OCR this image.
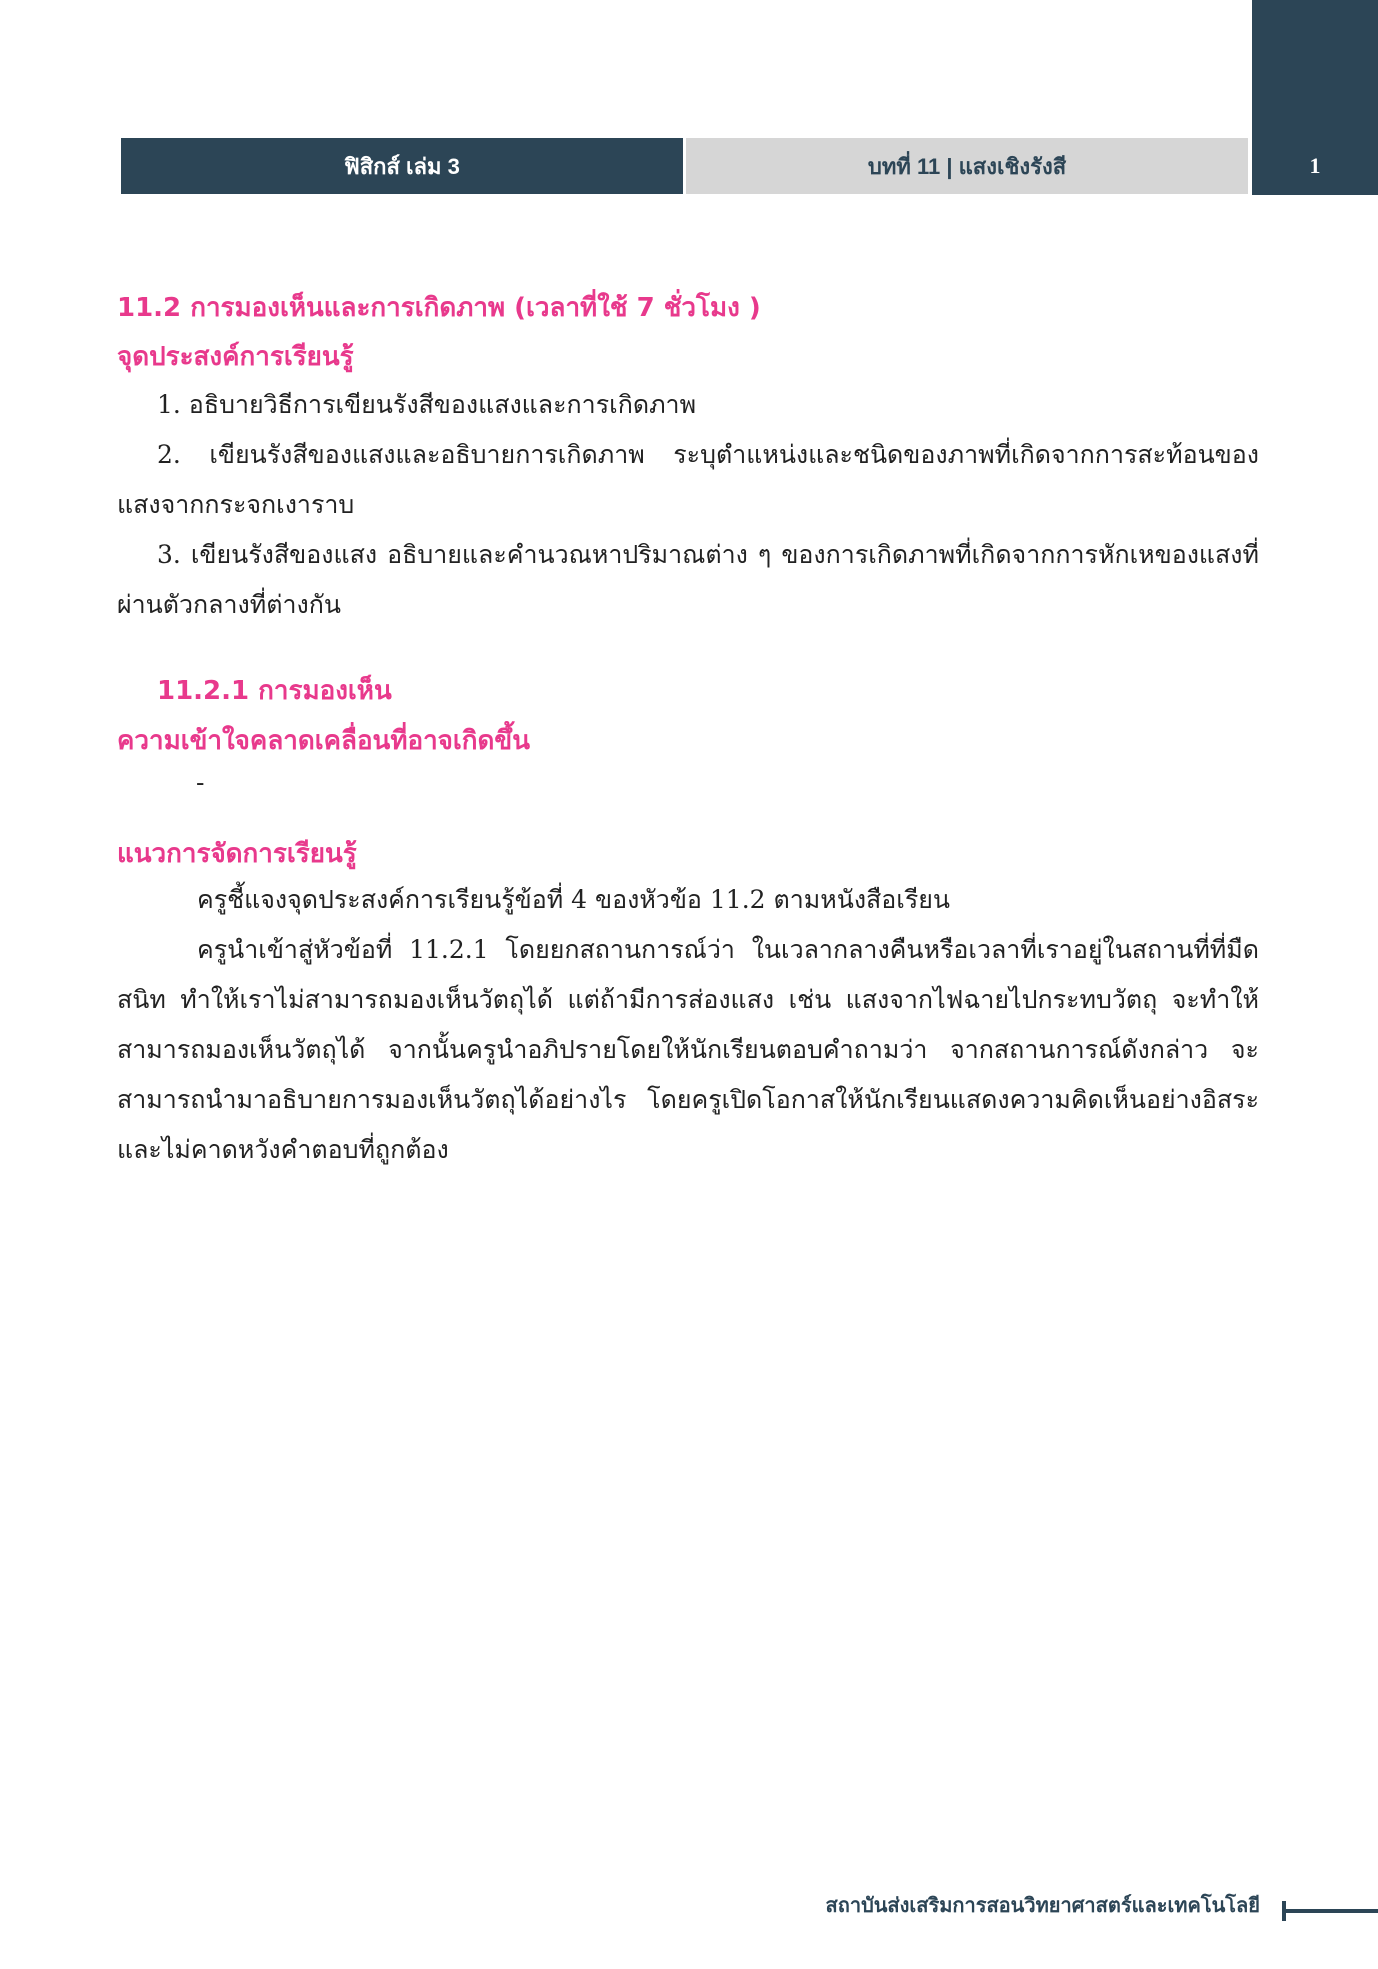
ฟิสิกส์ เล่ม 3	บทที่ 11 | แสงเชิงรังสี	1
11.2 การมองเห็นและการเกิดภาพ (เวลาที่ใช้ 7 ชั่วโมง )
จุดประสงค์การเรียนรู้
1. อธิบายวิธีการเขียนรังสีของแสงและการเกิดภาพ
2. เขียนรังสีของแสงและอธิบายการเกิดภาพ ระบุตำแหน่งและชนิดของภาพที่เกิดจากการสะท้อนของแสงจากกระจกเงาราบ
3. เขียนรังสีของแสง อธิบายและคำนวณหาปริมาณต่าง ๆ ของการเกิดภาพที่เกิดจากการหักเหของแสงที่ผ่านตัวกลางที่ต่างกัน
11.2.1 การมองเห็น
ความเข้าใจคลาดเคลื่อนที่อาจเกิดขึ้น
-
แนวการจัดการเรียนรู้
ครูชี้แจงจุดประสงค์การเรียนรู้ข้อที่ 4 ของหัวข้อ 11.2 ตามหนังสือเรียน
ครูนำเข้าสู่หัวข้อที่ 11.2.1 โดยยกสถานการณ์ว่า ในเวลากลางคืนหรือเวลาที่เราอยู่ในสถานที่ที่มืดสนิท ทำให้เราไม่สามารถมองเห็นวัตถุได้ แต่ถ้ามีการส่องแสง เช่น แสงจากไฟฉายไปกระทบวัตถุ จะทำให้สามารถมองเห็นวัตถุได้ จากนั้นครูนำอภิปรายโดยให้นักเรียนตอบคำถามว่า จากสถานการณ์ดังกล่าว จะสามารถนำมาอธิบายการมองเห็นวัตถุได้อย่างไร โดยครูเปิดโอกาสให้นักเรียนแสดงความคิดเห็นอย่างอิสระและไม่คาดหวังคำตอบที่ถูกต้อง
สถาบันส่งเสริมการสอนวิทยาศาสตร์และเทคโนโลยี
